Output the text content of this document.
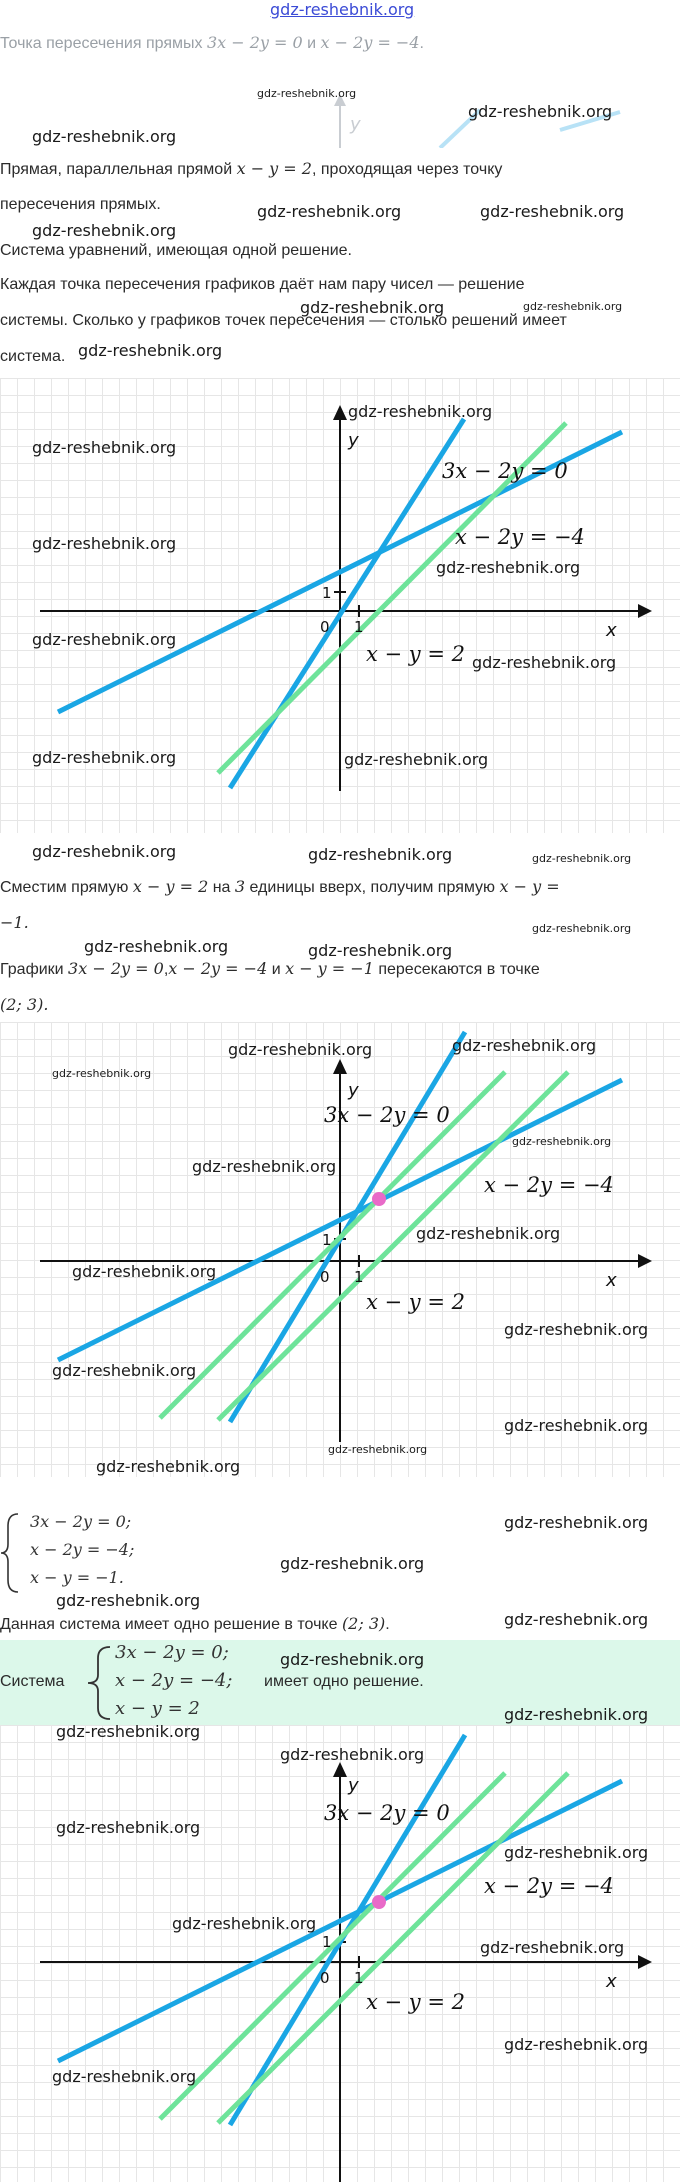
gdz-reshebnik.org
Точка пересечения прямых 3x − 2y = 0 и x − 2y = −4.
y
Прямая, параллельная прямой x − y = 2, проходящая через точку
пересечения прямых.
Система уравнений, имеющая одной решение.
Каждая точка пересечения графиков даёт нам пару чисел — решение
системы. Сколько у графиков точек пересечения — столько решений имеет
система.
y
x
1
1
0
3x − 2y = 0
x − 2y = −4
x − y = 2
Сместим прямую x − y = 2 на 3 единицы вверх, получим прямую x − y =
−1.
Графики 3x − 2y = 0,x − 2y = −4 и x − y = −1 пересекаются в точке
(2; 3).
y
x
1
1
0
3x − 2y = 0
x − 2y = −4
x − y = 2
3x − 2y = 0;
x − 2y = −4;
x − y = −1.
Данная система имеет одно решение в точке (2; 3).
Система
3x − 2y = 0;
x − 2y = −4;
x − y = 2
имеет одно решение.
y
x
1
1
0
3x − 2y = 0
x − 2y = −4
x − y = 2
gdz-reshebnik.org
gdz-reshebnik.org
gdz-reshebnik.org
gdz-reshebnik.org	gdz-reshebnik.org
gdz-reshebnik.org
gdz-reshebnik.org	gdz-reshebnik.org
gdz-reshebnik.org
gdz-reshebnik.org
gdz-reshebnik.org
gdz-reshebnik.org
gdz-reshebnik.org
gdz-reshebnik.org
gdz-reshebnik.org
gdz-reshebnik.org	gdz-reshebnik.org
gdz-reshebnik.org	gdz-reshebnik.org	gdz-reshebnik.org
gdz-reshebnik.org	gdz-reshebnik.org
gdz-reshebnik.org
gdz-reshebnik.org	gdz-reshebnik.org
gdz-reshebnik.org
gdz-reshebnik.org
gdz-reshebnik.org
gdz-reshebnik.org
gdz-reshebnik.org
gdz-reshebnik.org
gdz-reshebnik.org
gdz-reshebnik.org
gdz-reshebnik.org
gdz-reshebnik.org
gdz-reshebnik.org
gdz-reshebnik.org
gdz-reshebnik.org
gdz-reshebnik.org
gdz-reshebnik.org
gdz-reshebnik.org
gdz-reshebnik.org
gdz-reshebnik.org
gdz-reshebnik.org
gdz-reshebnik.org
gdz-reshebnik.org
gdz-reshebnik.org
gdz-reshebnik.org
gdz-reshebnik.org
